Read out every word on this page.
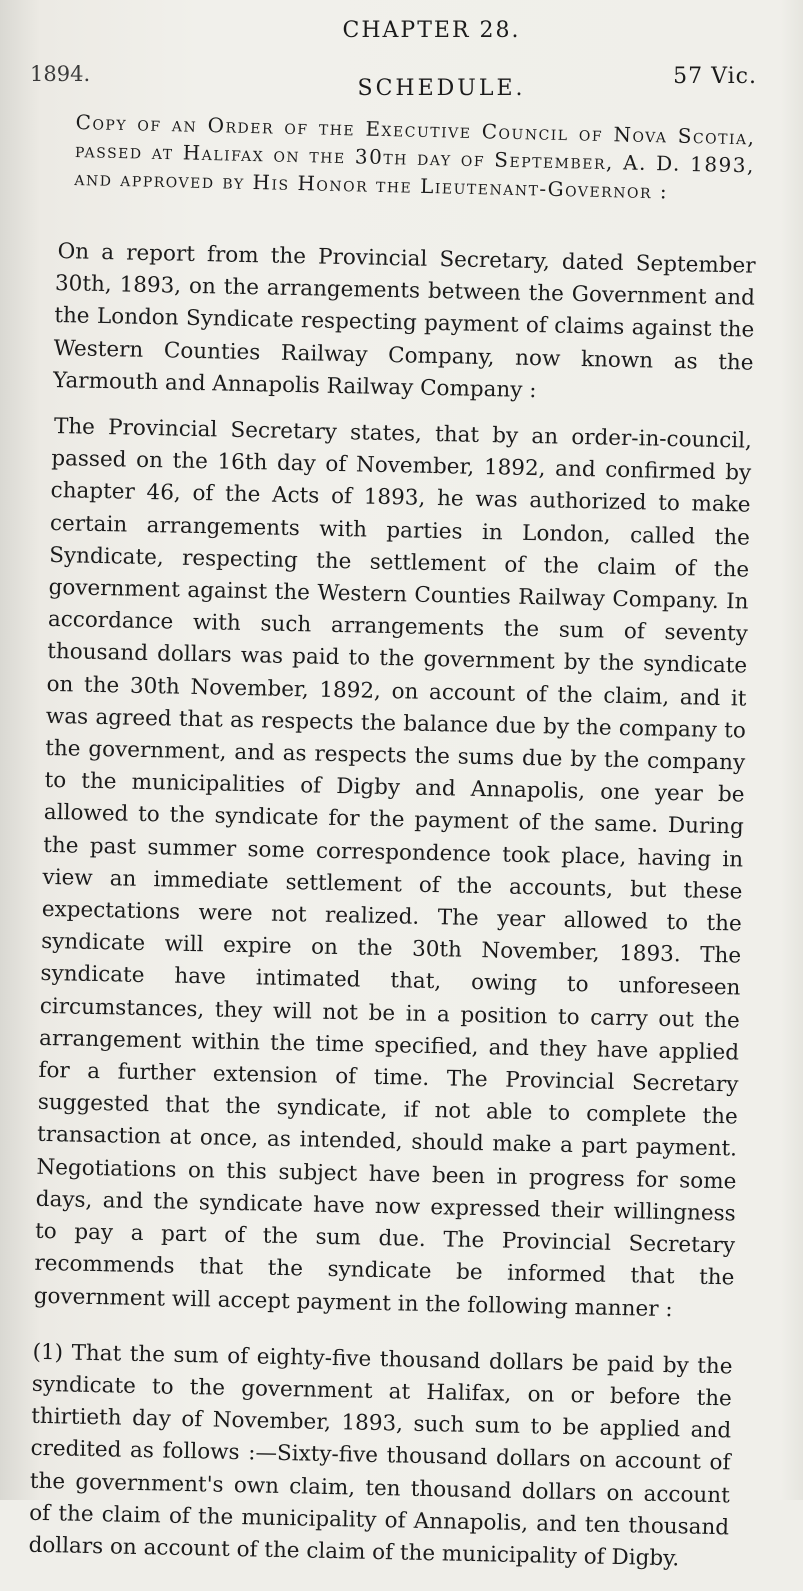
CHAPTER 28.
1894.	57 Vic.
SCHEDULE.
Copy of an Order of the Executive Council of Nova Scotia, passed at Halifax on the 30th day of September, A. D. 1893, and approved by His Honor the Lieutenant-Governor :

On a report from the Provincial Secretary, dated September 30th, 1893, on the arrangements between the Government and the London Syndicate respecting payment of claims against the Western Counties Railway Company, now known as the Yarmouth and Annapolis Railway Company :

The Provincial Secretary states, that by an order-in-council, passed on the 16th day of November, 1892, and confirmed by chapter 46, of the Acts of 1893, he was authorized to make certain arrangements with parties in London, called the Syndicate, respecting the settlement of the claim of the government against the Western Counties Railway Company. In accordance with such arrangements the sum of seventy thousand dollars was paid to the government by the syndicate on the 30th November, 1892, on account of the claim, and it was agreed that as respects the balance due by the company to the government, and as respects the sums due by the company to the municipalities of Digby and Annapolis, one year be allowed to the syndicate for the payment of the same. During the past summer some correspondence took place, having in view an immediate settlement of the accounts, but these expectations were not realized. The year allowed to the syndicate will expire on the 30th November, 1893. The syndicate have intimated that, owing to unforeseen circumstances, they will not be in a position to carry out the arrangement within the time specified, and they have applied for a further extension of time. The Provincial Secretary suggested that the syndicate, if not able to complete the transaction at once, as intended, should make a part payment. Negotiations on this subject have been in progress for some days, and the syndicate have now expressed their willingness to pay a part of the sum due. The Provincial Secretary recommends that the syndicate be informed that the government will accept payment in the following manner :

(1) That the sum of eighty-five thousand dollars be paid by the syndicate to the government at Halifax, on or before the thirtieth day of November, 1893, such sum to be applied and credited as follows :—Sixty-five thousand dollars on account of the government's own claim, ten thousand dollars on account of the claim of the municipality of Annapolis, and ten thousand dollars on account of the claim of the municipality of Digby.
